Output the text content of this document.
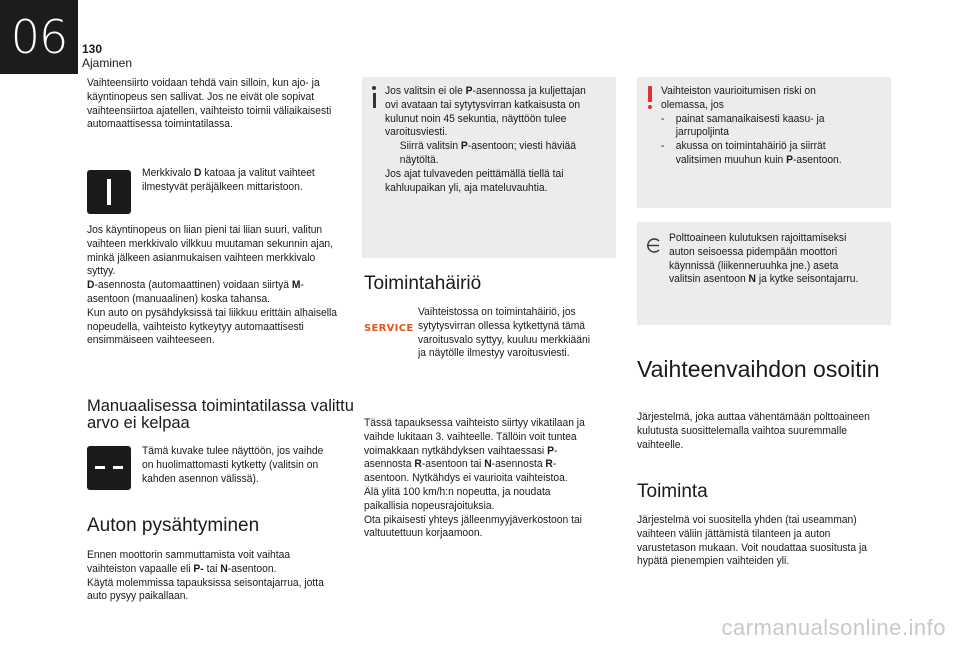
06	130
Ajaminen

Vaihteensiirto voidaan tehdä vain silloin, kun ajo- ja käyntinopeus sen sallivat. Jos ne eivät ole sopivat vaihteensiirtoa ajatellen, vaihteisto toimii väliaikaisesti automaattisessa toimintatilassa.

Merkkivalo D katoaa ja valitut vaihteet ilmestyvät peräjälkeen mittaristoon.

Jos käyntinopeus on liian pieni tai liian suuri, valitun vaihteen merkkivalo vilkkuu muutaman sekunnin ajan, minkä jälkeen asianmukaisen vaihteen merkkivalo syttyy.

D-asennosta (automaattinen) voidaan siirtyä M-asentoon (manuaalinen) koska tahansa.

Kun auto on pysähdyksissä tai liikkuu erittäin alhaisella nopeudella, vaihteisto kytkeytyy automaattisesti ensimmäiseen vaihteeseen.

Manuaalisessa toimintatilassa valittu arvo ei kelpaa

Tämä kuvake tulee näyttöön, jos vaihde on huolimattomasti kytketty (valitsin on kahden asennon välissä).

Auton pysähtyminen

Ennen moottorin sammuttamista voit vaihtaa vaihteiston vapaalle eli P- tai N-asentoon.

Käytä molemmissa tapauksissa seisontajarrua, jotta auto pysyy paikallaan.

Jos valitsin ei ole P-asennossa ja kuljettajan ovi avataan tai sytytysvirran katkaisusta on kulunut noin 45 sekuntia, näyttöön tulee varoitusviesti.

Siirrä valitsin P-asentoon; viesti häviää näytöltä.

Jos ajat tulvaveden peittämällä tiellä tai kahluupaikan yli, aja mateluvauhtia.

Toimintahäiriö
SERVICE

Vaihteistossa on toimintahäiriö, jos sytytysvirran ollessa kytkettynä tämä varoitusvalo syttyy, kuuluu merkkiääni ja näytölle ilmestyy varoitusviesti.

Tässä tapauksessa vaihteisto siirtyy vikatilaan ja vaihde lukitaan 3. vaihteelle. Tällöin voit tuntea voimakkaan nytkähdyksen vaihtaessasi P-asennosta R-asentoon tai N-asennosta R-asentoon. Nytkähdys ei vaurioita vaihteistoa.

Älä ylitä 100 km/h:n nopeutta, ja noudata paikallisia nopeusrajoituksia.

Ota pikaisesti yhteys jälleenmyyjäverkostoon tai valtuutettuun korjaamoon.

Vaihteiston vaurioitumisen riski on olemassa, jos

- painat samanaikaisesti kaasu- ja jarrupoljinta

- akussa on toimintahäiriö ja siirrät valitsimen muuhun kuin P-asentoon.

Polttoaineen kulutuksen rajoittamiseksi auton seisoessa pidempään moottori käynnissä (liikenneruuhka jne.) aseta valitsin asentoon N ja kytke seisontajarru.

Vaihteenvaihdon osoitin

Järjestelmä, joka auttaa vähentämään polttoaineen kulutusta suosittelemalla vaihtoa suuremmalle vaihteelle.

Toiminta

Järjestelmä voi suositella yhden (tai useamman) vaihteen väliin jättämistä tilanteen ja auton varustetason mukaan. Voit noudattaa suositusta ja hypätä pienempien vaihteiden yli.

carmanualsonline.info
